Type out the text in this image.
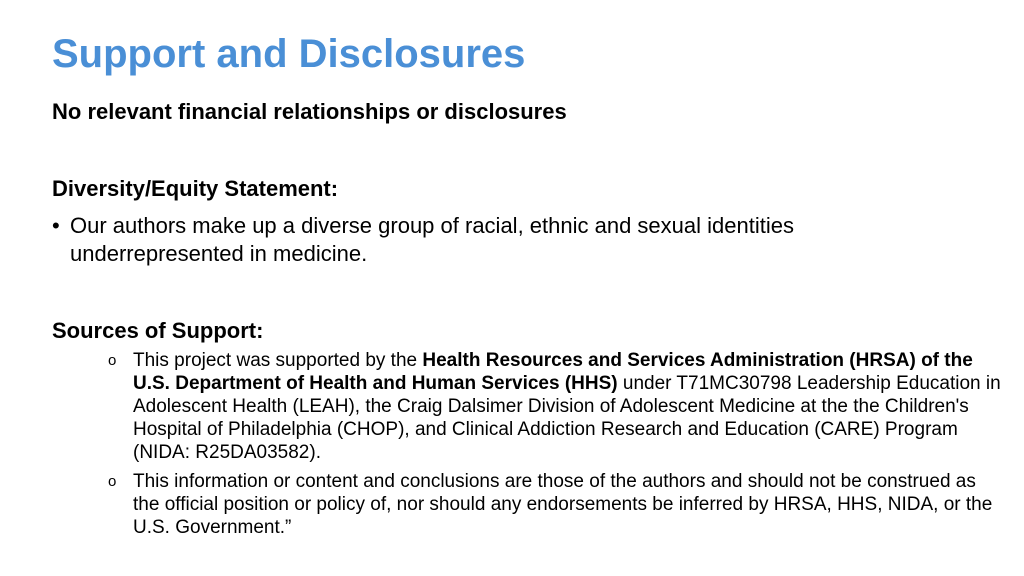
Support and Disclosures
No relevant financial relationships or disclosures
Diversity/Equity Statement:
• Our authors make up a diverse group of racial, ethnic and sexual identities underrepresented in medicine.
Sources of Support:
o This project was supported by the Health Resources and Services Administration (HRSA) of the U.S. Department of Health and Human Services (HHS) under T71MC30798 Leadership Education in Adolescent Health (LEAH), the Craig Dalsimer Division of Adolescent Medicine at the the Children's Hospital of Philadelphia (CHOP), and Clinical Addiction Research and Education (CARE) Program (NIDA: R25DA03582).
o This information or content and conclusions are those of the authors and should not be construed as the official position or policy of, nor should any endorsements be inferred by HRSA, HHS, NIDA, or the U.S. Government.”
